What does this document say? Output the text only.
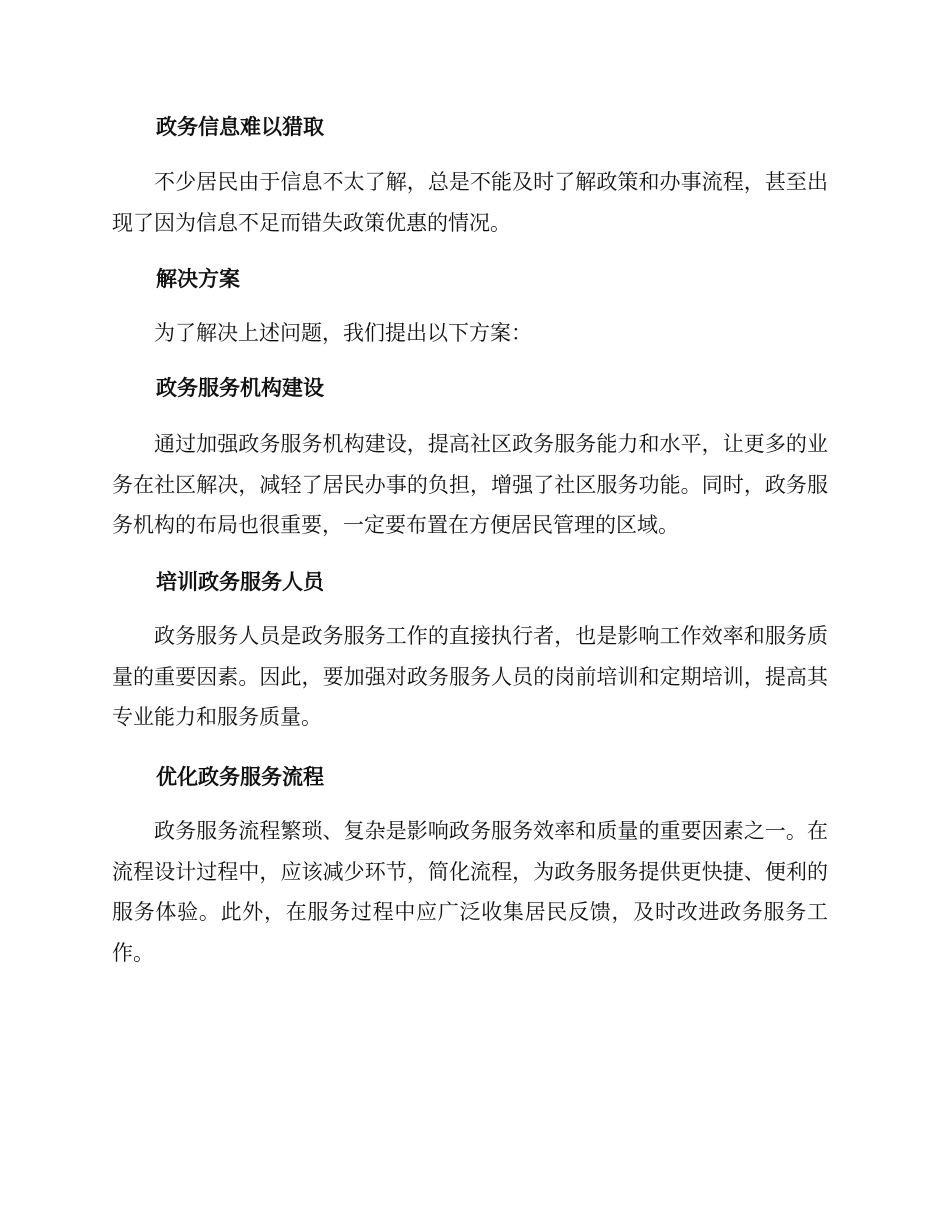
政务信息难以猎取

不少居民由于信息不太了解，总是不能及时了解政策和办事流程，甚至出现了因为信息不足而错失政策优惠的情况。

解决方案

为了解决上述问题，我们提出以下方案：

政务服务机构建设

通过加强政务服务机构建设，提高社区政务服务能力和水平，让更多的业务在社区解决，减轻了居民办事的负担，增强了社区服务功能。同时，政务服务机构的布局也很重要，一定要布置在方便居民管理的区域。

培训政务服务人员

政务服务人员是政务服务工作的直接执行者，也是影响工作效率和服务质量的重要因素。因此，要加强对政务服务人员的岗前培训和定期培训，提高其专业能力和服务质量。

优化政务服务流程

政务服务流程繁琐、复杂是影响政务服务效率和质量的重要因素之一。在流程设计过程中，应该减少环节，简化流程，为政务服务提供更快捷、便利的服务体验。此外，在服务过程中应广泛收集居民反馈，及时改进政务服务工作。
